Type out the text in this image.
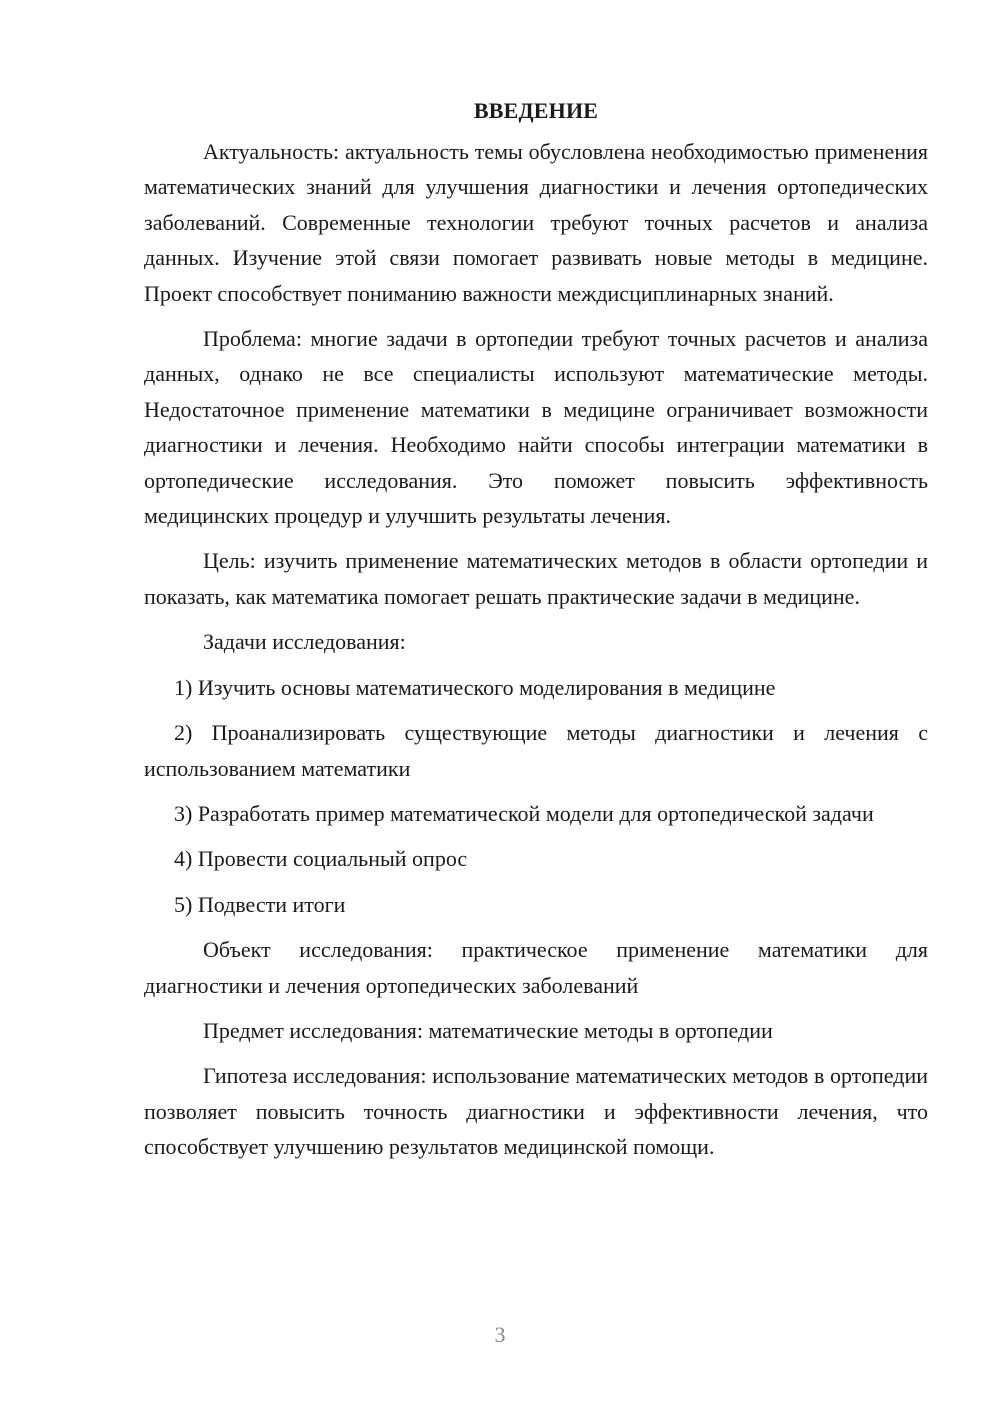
ВВЕДЕНИЕ

Актуальность: актуальность темы обусловлена необходимостью применения математических знаний для улучшения диагностики и лечения ортопедических заболеваний. Современные технологии требуют точных расчетов и анализа данных. Изучение этой связи помогает развивать новые методы в медицине. Проект способствует пониманию важности междисциплинарных знаний.

Проблема: многие задачи в ортопедии требуют точных расчетов и анализа данных, однако не все специалисты используют математические методы. Недостаточное применение математики в медицине ограничивает возможности диагностики и лечения. Необходимо найти способы интеграции математики в ортопедические исследования. Это поможет повысить эффективность медицинских процедур и улучшить результаты лечения.

Цель: изучить применение математических методов в области ортопедии и показать, как математика помогает решать практические задачи в медицине.

Задачи исследования:

1) Изучить основы математического моделирования в медицине

2) Проанализировать существующие методы диагностики и лечения с использованием математики

3) Разработать пример математической модели для ортопедической задачи

4) Провести социальный опрос

5) Подвести итоги

Объект исследования: практическое применение математики для диагностики и лечения ортопедических заболеваний

Предмет исследования: математические методы в ортопедии

Гипотеза исследования: использование математических методов в ортопедии позволяет повысить точность диагностики и эффективности лечения, что способствует улучшению результатов медицинской помощи.

3
